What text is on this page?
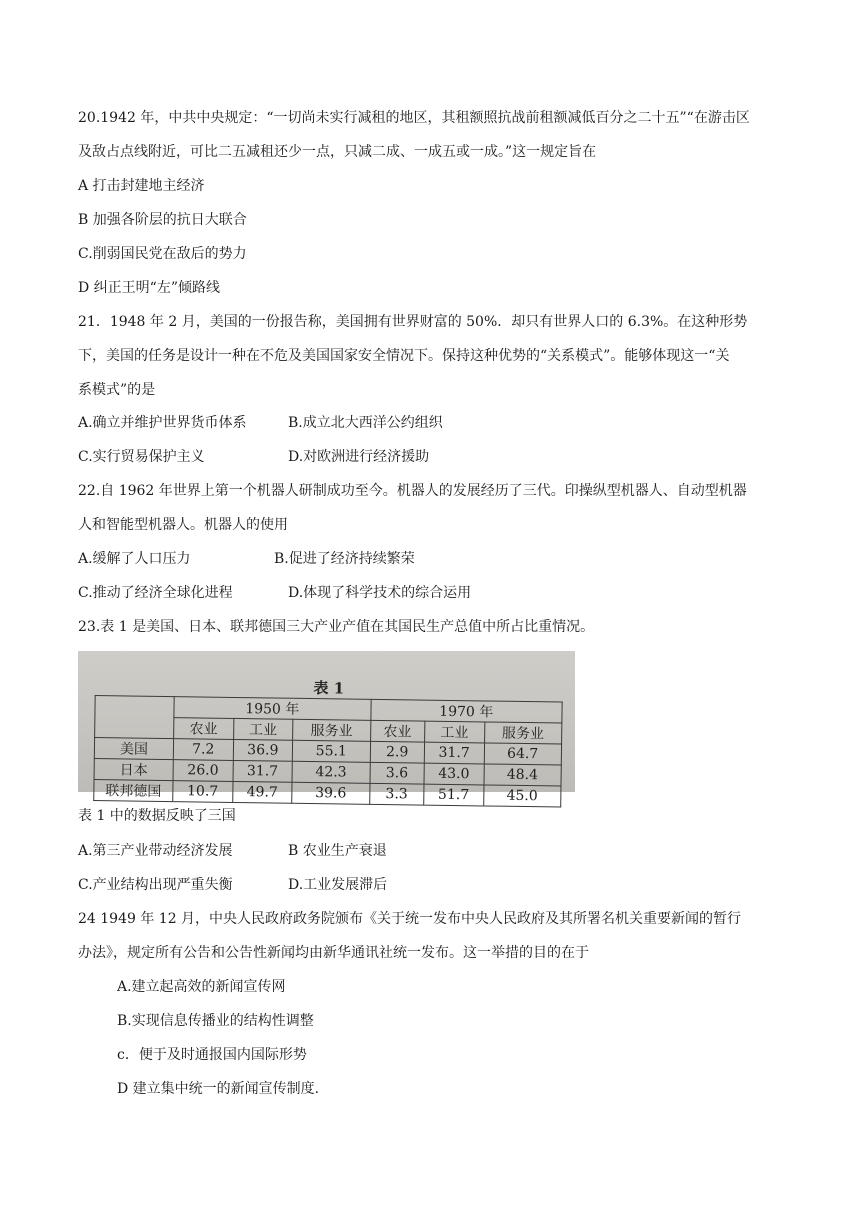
20.1942 年，中共中央规定：“一切尚未实行减租的地区，其租额照抗战前租额减低百分之二十五”“在游击区
及敌占点线附近，可比二五减租还少一点，只减二成、一成五或一成。”这一规定旨在
A 打击封建地主经济
B 加强各阶层的抗日大联合
C.削弱国民党在敌后的势力
D 纠正王明“左”倾路线
21．1948 年 2 月，美国的一份报告称，美国拥有世界财富的 50%．却只有世界人口的 6.3%。在这种形势
下，美国的任务是设计一种在不危及美国国家安全情况下。保持这种优势的“关系模式”。能够体现这一“关
系模式”的是
A.确立并维护世界货币体系	B.成立北大西洋公约组织
C.实行贸易保护主义	D.对欧洲进行经济援助
22.自 1962 年世界上第一个机器人研制成功至今。机器人的发展经历了三代。印操纵型机器人、自动型机器
人和智能型机器人。机器人的使用
A.缓解了人口压力	B.促进了经济持续繁荣
C.推动了经济全球化进程	D.体现了科学技术的综合运用
23.表 1 是美国、日本、联邦德国三大产业产值在其国民生产总值中所占比重情况。
表 1						
	1950 年			1970 年		
	农业	工业	服务业	农业	工业	服务业
美国	7.2	36.9	55.1	2.9	31.7	64.7
日本	26.0	31.7	42.3	3.6	43.0	48.4
联邦德国	10.7	49.7	39.6	3.3	51.7	45.0
表 1 中的数据反映了三国
A.第三产业带动经济发展	B 农业生产衰退
C.产业结构出现严重失衡	D.工业发展滞后
24 1949 年 12 月，中央人民政府政务院颁布《关于统一发布中央人民政府及其所署名机关重要新闻的暂行
办法》，规定所有公告和公告性新闻均由新华通讯社统一发布。这一举措的目的在于
A.建立起高效的新闻宣传网
B.实现信息传播业的结构性调整
c．便于及时通报国内国际形势
D 建立集中统一的新闻宣传制度.
